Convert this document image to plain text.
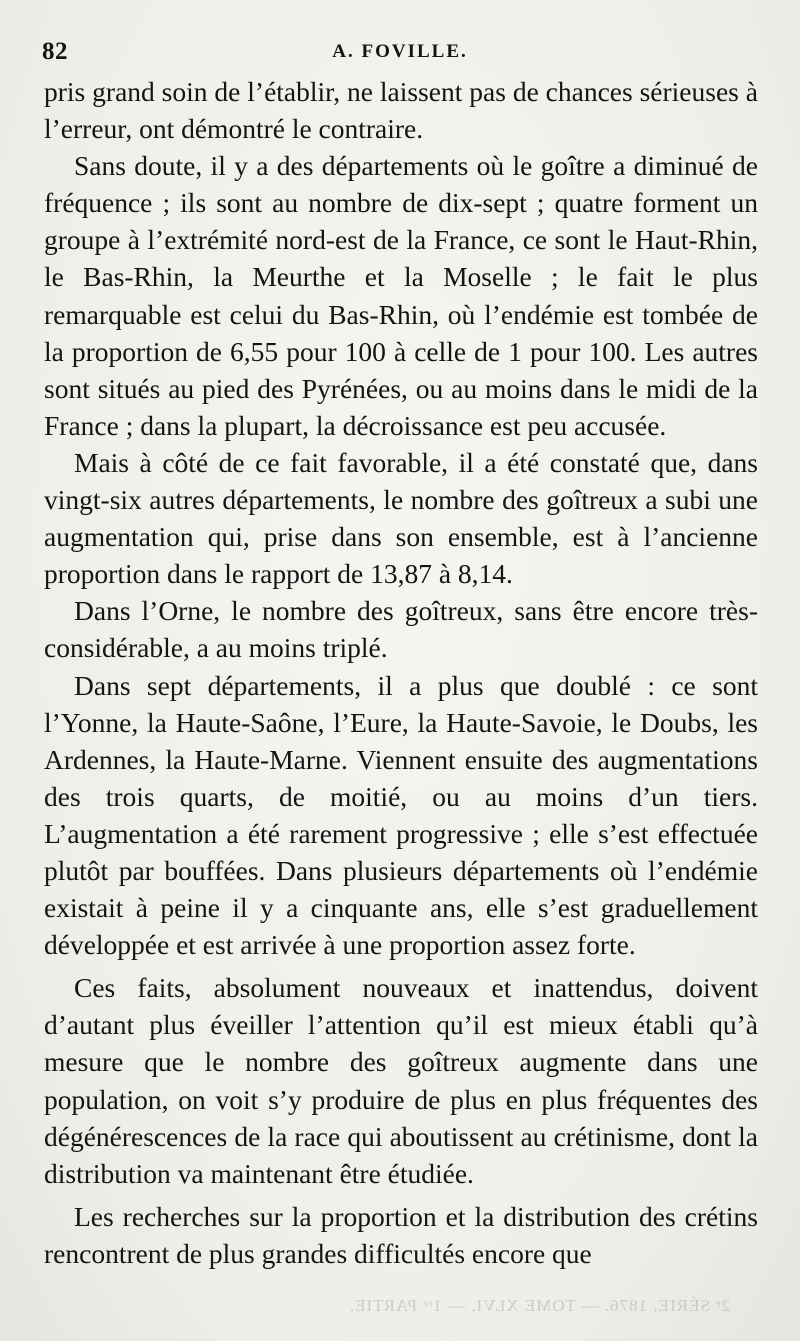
82	A. FOVILLE.

pris grand soin de l’établir, ne laissent pas de chances sérieuses à l’erreur, ont démontré le contraire.

Sans doute, il y a des départements où le goître a diminué de fréquence ; ils sont au nombre de dix-sept ; quatre forment un groupe à l’extrémité nord-est de la France, ce sont le Haut-Rhin, le Bas-Rhin, la Meurthe et la Moselle ; le fait le plus remarquable est celui du Bas-Rhin, où l’endémie est tombée de la proportion de 6,55 pour 100 à celle de 1 pour 100. Les autres sont situés au pied des Pyrénées, ou au moins dans le midi de la France ; dans la plupart, la décroissance est peu accusée.

Mais à côté de ce fait favorable, il a été constaté que, dans vingt-six autres départements, le nombre des goîtreux a subi une augmentation qui, prise dans son ensemble, est à l’ancienne proportion dans le rapport de 13,87 à 8,14.

Dans l’Orne, le nombre des goîtreux, sans être encore très-considérable, a au moins triplé.

Dans sept départements, il a plus que doublé : ce sont l’Yonne, la Haute-Saône, l’Eure, la Haute-Savoie, le Doubs, les Ardennes, la Haute-Marne. Viennent ensuite des augmentations des trois quarts, de moitié, ou au moins d’un tiers. L’augmentation a été rarement progressive ; elle s’est effectuée plutôt par bouffées. Dans plusieurs départements où l’endémie existait à peine il y a cinquante ans, elle s’est graduellement développée et est arrivée à une proportion assez forte.

Ces faits, absolument nouveaux et inattendus, doivent d’autant plus éveiller l’attention qu’il est mieux établi qu’à mesure que le nombre des goîtreux augmente dans une population, on voit s’y produire de plus en plus fréquentes des dégénérescences de la race qui aboutissent au crétinisme, dont la distribution va maintenant être étudiée.

Les recherches sur la proportion et la distribution des crétins rencontrent de plus grandes difficultés encore que

2ᵉ SÉRIE, 1876. — TOME XLVI. — 1ʳᵉ PARTIE.
